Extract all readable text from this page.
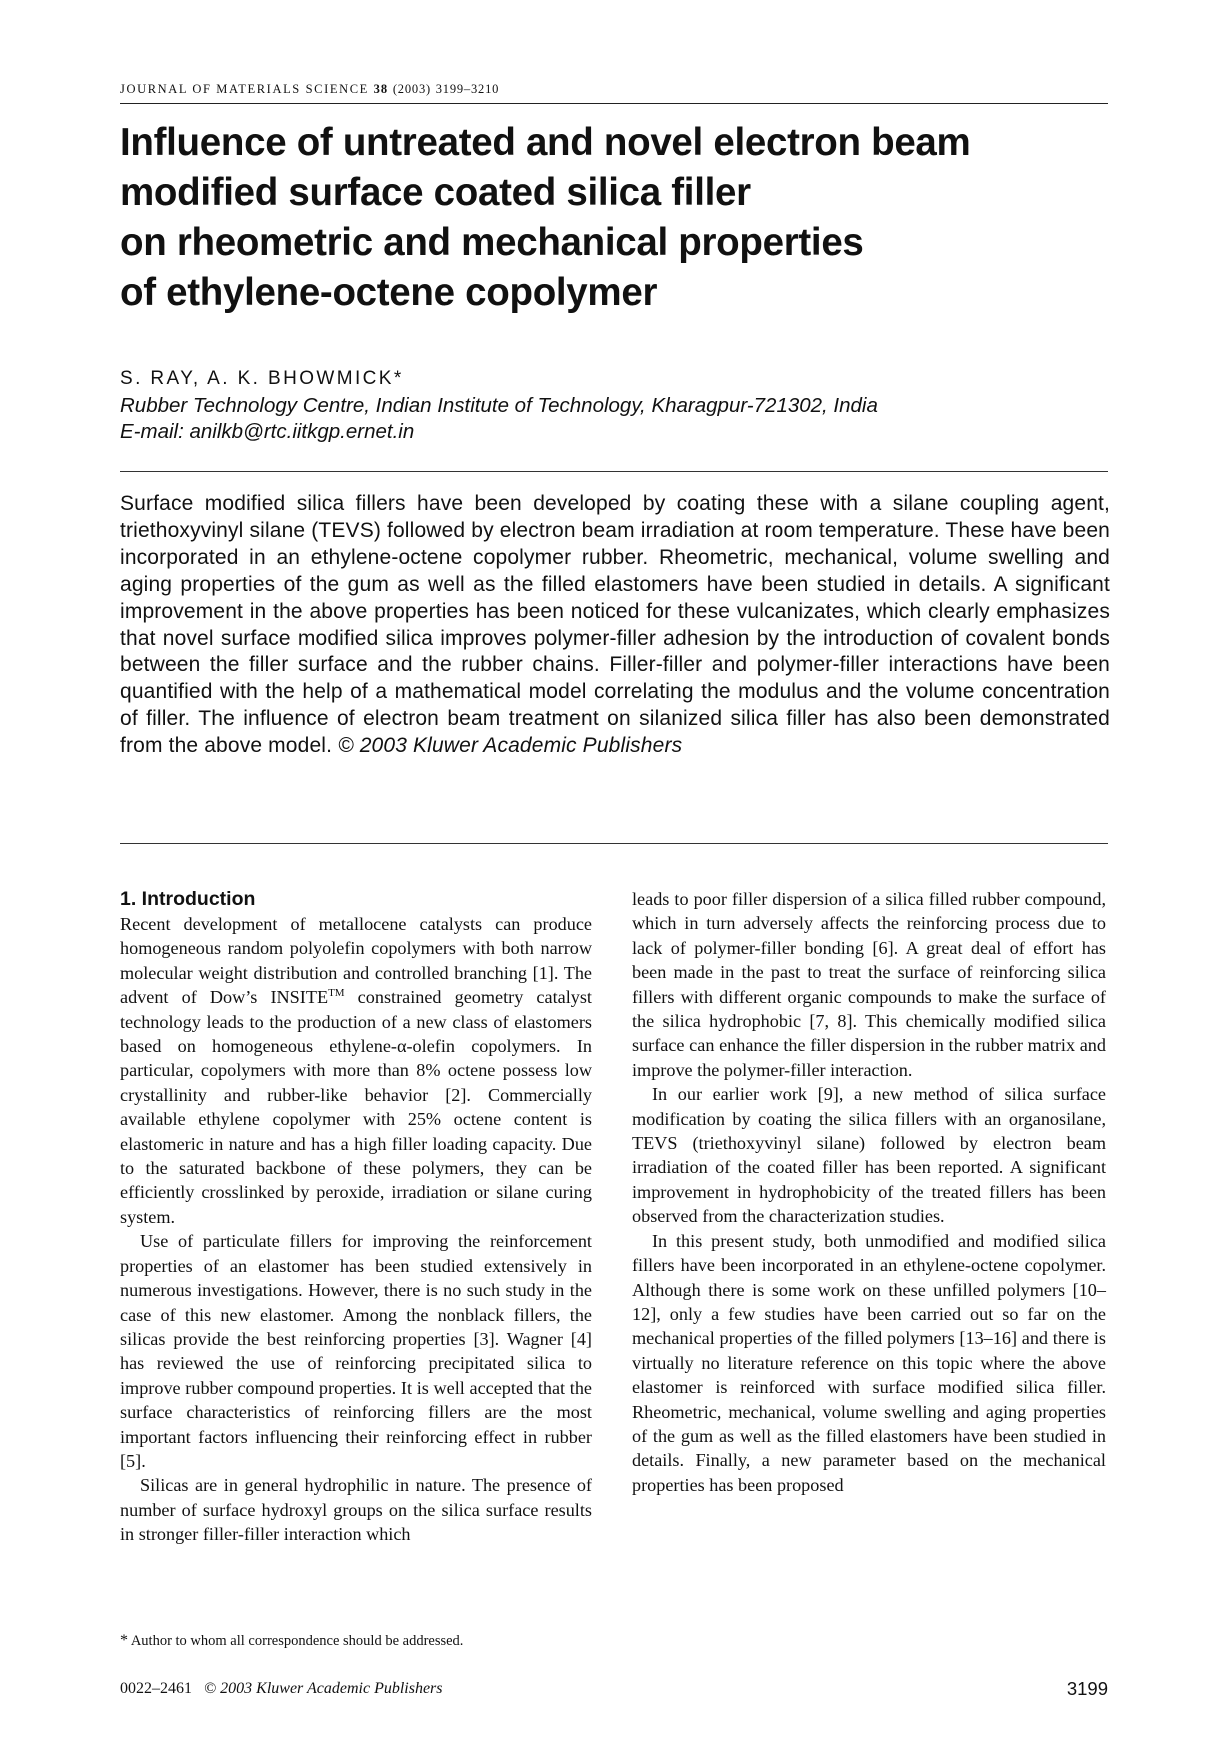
JOURNAL OF MATERIALS SCIENCE 38 (2003) 3199–3210
Influence of untreated and novel electron beam
modified surface coated silica filler
on rheometric and mechanical properties
of ethylene-octene copolymer
S. RAY, A. K. BHOWMICK*
Rubber Technology Centre, Indian Institute of Technology, Kharagpur-721302, India
E-mail: anilkb@rtc.iitkgp.ernet.in

Surface modified silica fillers have been developed by coating these with a silane coupling agent, triethoxyvinyl silane (TEVS) followed by electron beam irradiation at room temperature. These have been incorporated in an ethylene-octene copolymer rubber. Rheometric, mechanical, volume swelling and aging properties of the gum as well as the filled elastomers have been studied in details. A significant improvement in the above properties has been noticed for these vulcanizates, which clearly emphasizes that novel surface modified silica improves polymer-filler adhesion by the introduction of covalent bonds between the filler surface and the rubber chains. Filler-filler and polymer-filler interactions have been quantified with the help of a mathematical model correlating the modulus and the volume concentration of filler. The influence of electron beam treatment on silanized silica filler has also been demonstrated from the above model. © 2003 Kluwer Academic Publishers

1. Introduction

Recent development of metallocene catalysts can produce homogeneous random polyolefin copolymers with both narrow molecular weight distribution and controlled branching [1]. The advent of Dow’s INSITE™ constrained geometry catalyst technology leads to the production of a new class of elastomers based on homogeneous ethylene-α-olefin copolymers. In particular, copolymers with more than 8% octene possess low crystallinity and rubber-like behavior [2]. Commercially available ethylene copolymer with 25% octene content is elastomeric in nature and has a high filler loading capacity. Due to the saturated backbone of these polymers, they can be efficiently crosslinked by peroxide, irradiation or silane curing system.

Use of particulate fillers for improving the reinforcement properties of an elastomer has been studied extensively in numerous investigations. However, there is no such study in the case of this new elastomer. Among the nonblack fillers, the silicas provide the best reinforcing properties [3]. Wagner [4] has reviewed the use of reinforcing precipitated silica to improve rubber compound properties. It is well accepted that the surface characteristics of reinforcing fillers are the most important factors influencing their reinforcing effect in rubber [5].

Silicas are in general hydrophilic in nature. The presence of number of surface hydroxyl groups on the silica surface results in stronger filler-filler interaction which

leads to poor filler dispersion of a silica filled rubber compound, which in turn adversely affects the reinforcing process due to lack of polymer-filler bonding [6]. A great deal of effort has been made in the past to treat the surface of reinforcing silica fillers with different organic compounds to make the surface of the silica hydrophobic [7, 8]. This chemically modified silica surface can enhance the filler dispersion in the rubber matrix and improve the polymer-filler interaction.

In our earlier work [9], a new method of silica surface modification by coating the silica fillers with an organosilane, TEVS (triethoxyvinyl silane) followed by electron beam irradiation of the coated filler has been reported. A significant improvement in hydrophobicity of the treated fillers has been observed from the characterization studies.

In this present study, both unmodified and modified silica fillers have been incorporated in an ethylene-octene copolymer. Although there is some work on these unfilled polymers [10–12], only a few studies have been carried out so far on the mechanical properties of the filled polymers [13–16] and there is virtually no literature reference on this topic where the above elastomer is reinforced with surface modified silica filler. Rheometric, mechanical, volume swelling and aging properties of the gum as well as the filled elastomers have been studied in details. Finally, a new parameter based on the mechanical properties has been proposed

* Author to whom all correspondence should be addressed.
0022–2461 © 2003 Kluwer Academic Publishers	3199
